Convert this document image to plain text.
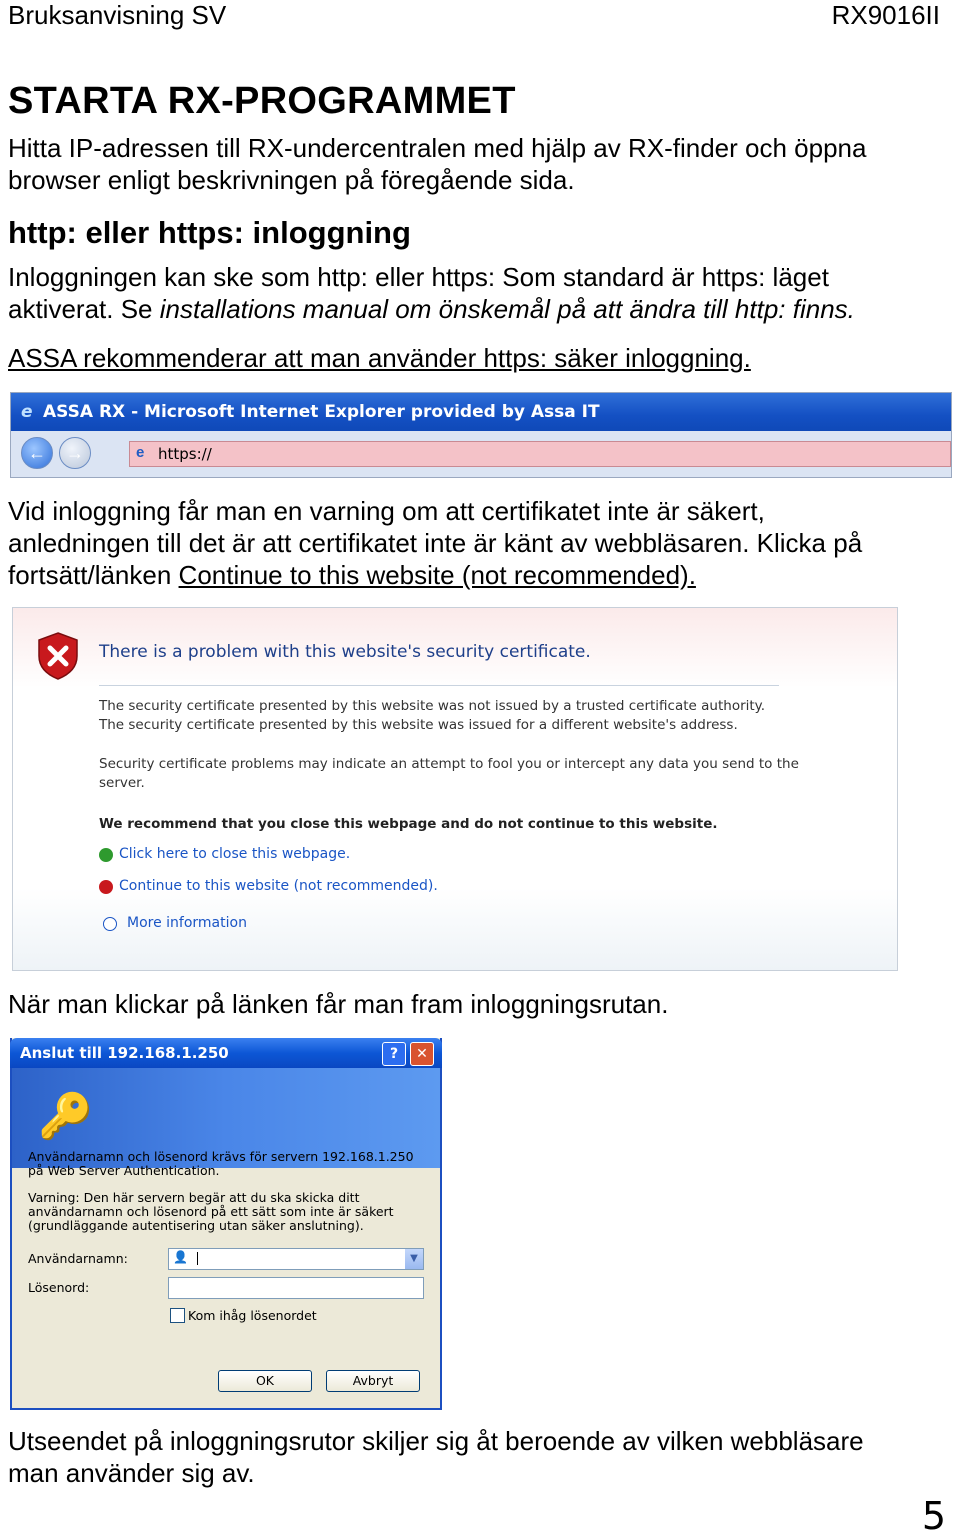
Bruksanvisning SV	RX9016II
STARTA RX-PROGRAMMET
Hitta IP-adressen till RX-undercentralen med hjälp av RX-finder och öppna
browser enligt beskrivningen på föregående sida.
http: eller https: inloggning
Inloggningen kan ske som http: eller https: Som standard är https: läget
aktiverat. Se installations manual om önskemål på att ändra till http: finns.
ASSA rekommenderar att man använder https: säker inloggning.
e ASSA RX - Microsoft Internet Explorer provided by Assa IT
←	→	e https://
Vid inloggning får man en varning om att certifikatet inte är säkert,
anledningen till det är att certifikatet inte är känt av webbläsaren. Klicka på
fortsätt/länken Continue to this website (not recommended).
There is a problem with this website's security certificate.
The security certificate presented by this website was not issued by a trusted certificate authority.
The security certificate presented by this website was issued for a different website's address.
Security certificate problems may indicate an attempt to fool you or intercept any data you send to the
server.
We recommend that you close this webpage and do not continue to this website.
Click here to close this webpage.
Continue to this website (not recommended).
More information
När man klickar på länken får man fram inloggningsrutan.
Anslut till 192.168.1.250	?	✕
🔑
Användarnamn och lösenord krävs för servern 192.168.1.250
på Web Server Authentication.
Varning: Den här servern begär att du ska skicka ditt
användarnamn och lösenord på ett sätt som inte är säkert
(grundläggande autentisering utan säker anslutning).
Användarnamn:	👤	▼
Lösenord:
Kom ihåg lösenordet
OK	Avbryt
Utseendet på inloggningsrutor skiljer sig åt beroende av vilken webbläsare
man använder sig av.
5
